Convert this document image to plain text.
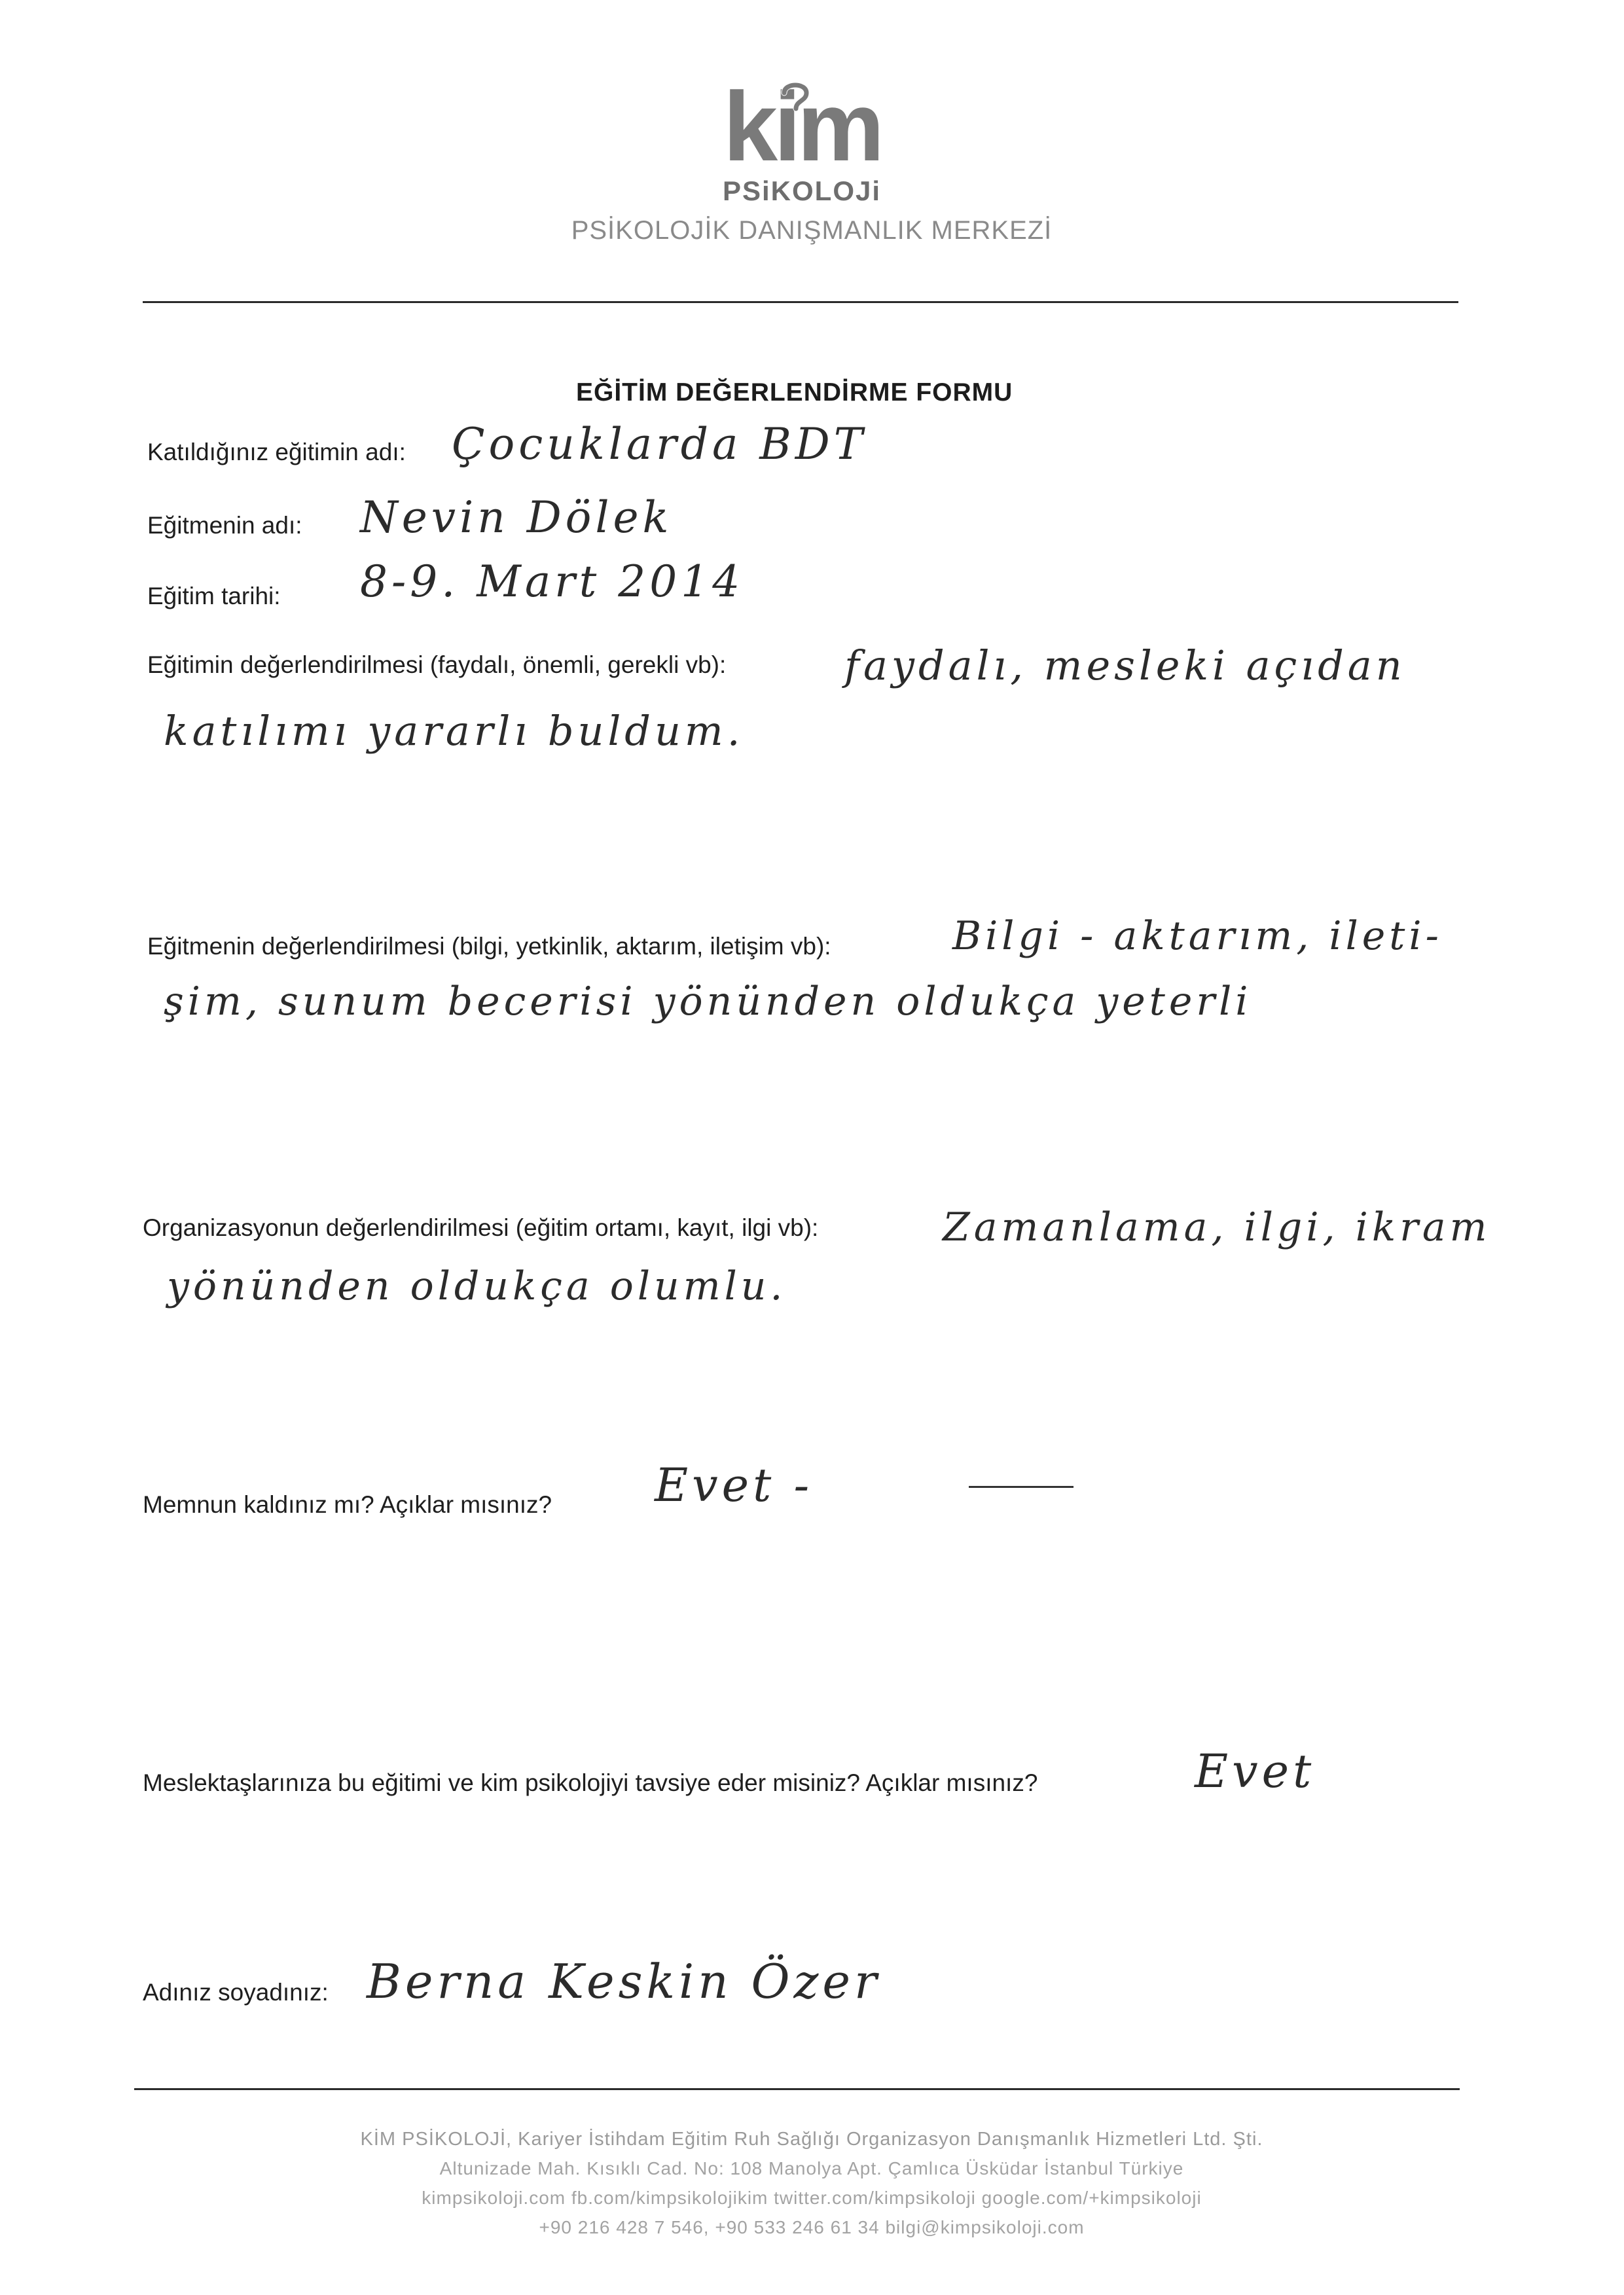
kim
PSiKOLOJi
PSİKOLOJİK DANIŞMANLIK MERKEZİ
EĞİTİM DEĞERLENDİRME FORMU
Katıldığınız eğitimin adı: Çocuklarda BDT
Eğitmenin adı: Nevin Dölek
Eğitim tarihi: 8-9. Mart 2014
Eğitimin değerlendirilmesi (faydalı, önemli, gerekli vb):	faydalı, mesleki açıdan
katılımı yararlı buldum.
Eğitmenin değerlendirilmesi (bilgi, yetkinlik, aktarım, iletişim vb):	Bilgi - aktarım, ileti-
şim, sunum becerisi yönünden oldukça yeterli
Organizasyonun değerlendirilmesi (eğitim ortamı, kayıt, ilgi vb):	Zamanlama, ilgi, ikram
yönünden oldukça olumlu.
Memnun kaldınız mı? Açıklar mısınız? Evet -
Meslektaşlarınıza bu eğitimi ve kim psikolojiyi tavsiye eder misiniz? Açıklar mısınız?	Evet
Adınız soyadınız: Berna Keskin Özer
KİM PSİKOLOJİ, Kariyer İstihdam Eğitim Ruh Sağlığı Organizasyon Danışmanlık Hizmetleri Ltd. Şti.
Altunizade Mah. Kısıklı Cad. No: 108 Manolya Apt. Çamlıca Üsküdar İstanbul Türkiye
kimpsikoloji.com fb.com/kimpsikolojikim twitter.com/kimpsikoloji google.com/+kimpsikoloji
+90 216 428 7 546, +90 533 246 61 34 bilgi@kimpsikoloji.com
